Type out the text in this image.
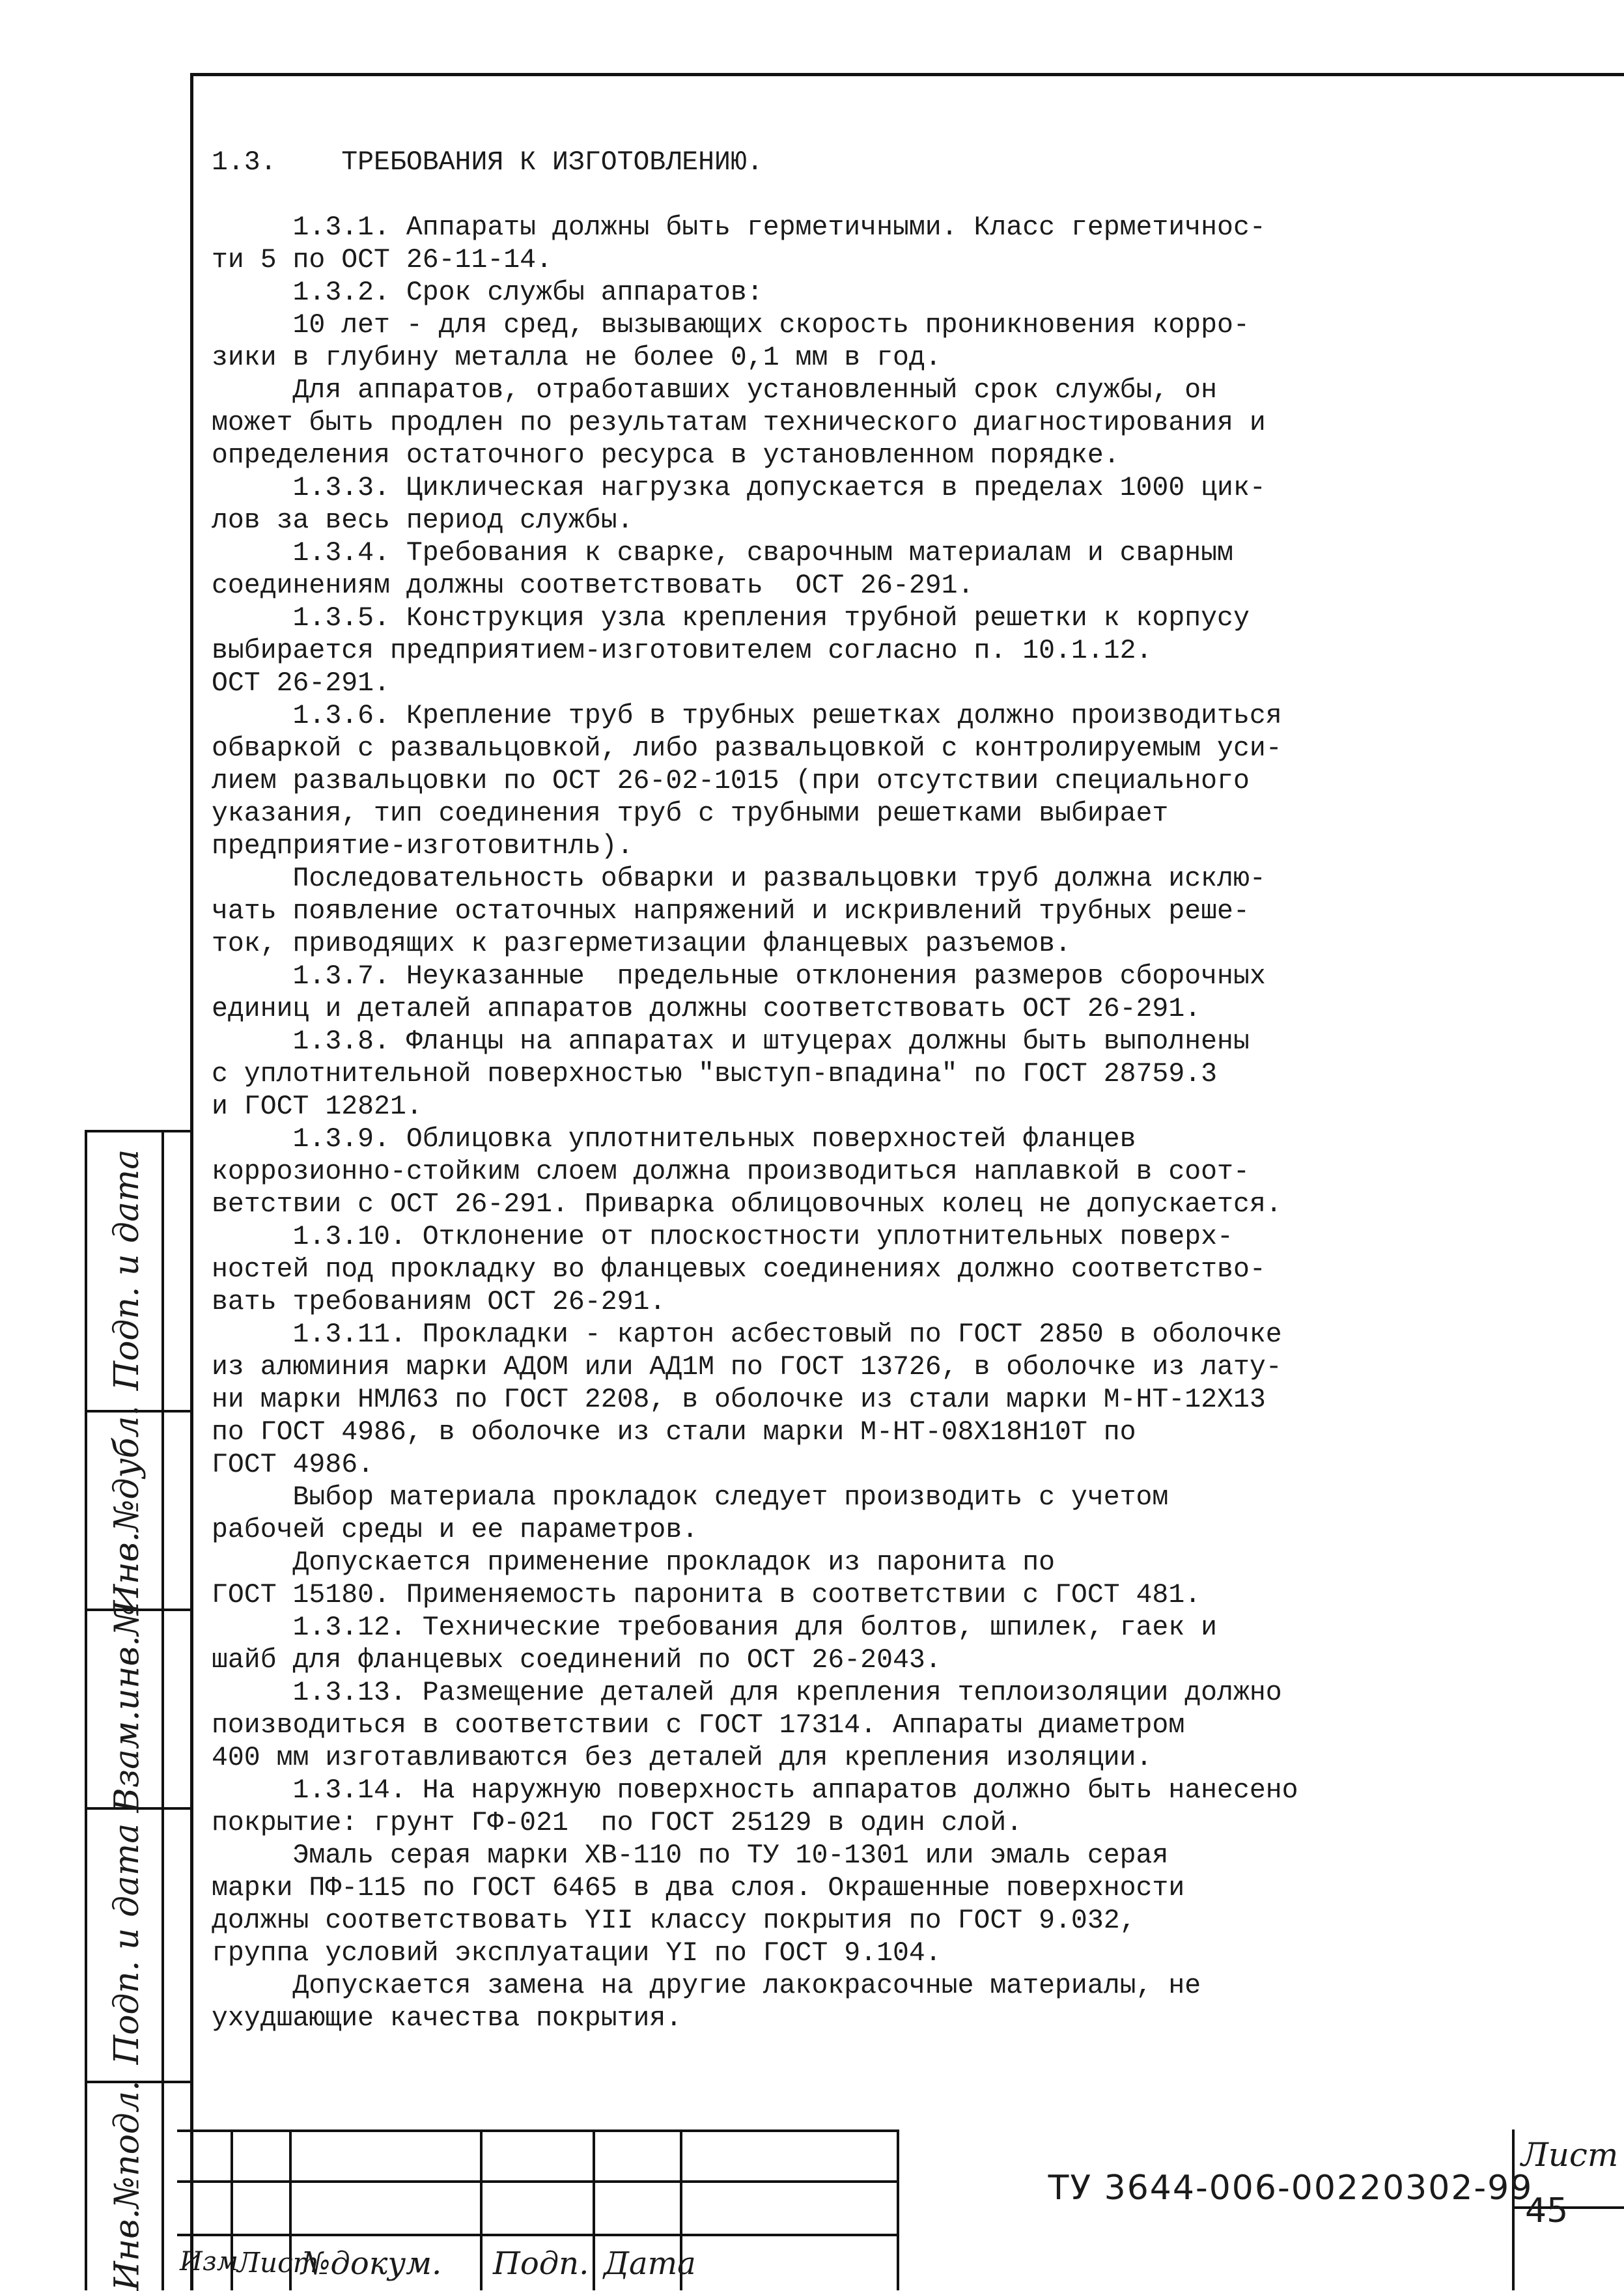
1.3.    ТРЕБОВАНИЯ К ИЗГОТОВЛЕНИЮ.
1.3.1. Аппараты должны быть герметичными. Класс герметичнос-
ти 5 по ОСТ 26-11-14.
1.3.2. Срок службы аппаратов:
10 лет - для сред, вызывающих скорость проникновения корро-
зики в глубину металла не более 0,1 мм в год.
Для аппаратов, отработавших установленный срок службы, он
может быть продлен по результатам технического диагностирования и
определения остаточного ресурса в установленном порядке.
1.3.3. Циклическая нагрузка допускается в пределах 1000 цик-
лов за весь период службы.
1.3.4. Требования к сварке, сварочным материалам и сварным
соединениям должны соответствовать  ОСТ 26-291.
1.3.5. Конструкция узла крепления трубной решетки к корпусу
выбирается предприятием-изготовителем согласно п. 10.1.12.
ОСТ 26-291.
1.3.6. Крепление труб в трубных решетках должно производиться
обваркой с развальцовкой, либо развальцовкой с контролируемым уси-
лием развальцовки по ОСТ 26-02-1015 (при отсутствии специального
указания, тип соединения труб с трубными решетками выбирает
предприятие-изготовитнль).
Последовательность обварки и развальцовки труб должна исклю-
чать появление остаточных напряжений и искривлений трубных реше-
ток, приводящих к разгерметизации фланцевых разъемов.
1.3.7. Неуказанные  предельные отклонения размеров сборочных
единиц и деталей аппаратов должны соответствовать ОСТ 26-291.
1.3.8. Фланцы на аппаратах и штуцерах должны быть выполнены
с уплотнительной поверхностью "выступ-впадина" по ГОСТ 28759.3
и ГОСТ 12821.
1.3.9. Облицовка уплотнительных поверхностей фланцев
коррозионно-стойким слоем должна производиться наплавкой в соот-
ветствии с ОСТ 26-291. Приварка облицовочных колец не допускается.
1.3.10. Отклонение от плоскостности уплотнительных поверх-
ностей под прокладку во фланцевых соединениях должно соответство-
вать требованиям ОСТ 26-291.
1.3.11. Прокладки - картон асбестовый по ГОСТ 2850 в оболочке
из алюминия марки АДОМ или АД1М по ГОСТ 13726, в оболочке из лату-
ни марки НМЛ63 по ГОСТ 2208, в оболочке из стали марки М-НТ-12Х13
по ГОСТ 4986, в оболочке из стали марки М-НТ-08Х18Н10Т по
ГОСТ 4986.
Выбор материала прокладок следует производить с учетом
рабочей среды и ее параметров.
Допускается применение прокладок из паронита по
ГОСТ 15180. Применяемость паронита в соответствии с ГОСТ 481.
1.3.12. Технические требования для болтов, шпилек, гаек и
шайб для фланцевых соединений по ОСТ 26-2043.
1.3.13. Размещение деталей для крепления теплоизоляции должно
поизводиться в соответствии с ГОСТ 17314. Аппараты диаметром
400 мм изготавливаются без деталей для крепления изоляции.
1.3.14. На наружную поверхность аппаратов должно быть нанесено
покрытие: грунт ГФ-021  по ГОСТ 25129 в один слой.
Эмаль серая марки ХВ-110 по ТУ 10-1301 или эмаль серая
марки ПФ-115 по ГОСТ 6465 в два слоя. Окрашенные поверхности
должны соответствовать YII классу покрытия по ГОСТ 9.032,
группа условий эксплуатации YI по ГОСТ 9.104.
Допускается замена на другие лакокрасочные материалы, не
ухудшающие качества покрытия.
Подп. и дата
Инв.№дубл.
Взам.инв.№
Подп. и дата
Инв.№подл. Изм
Лист
№докум. Подп. Дата
ТУ 3644-006-00220302-99
Лист
45
